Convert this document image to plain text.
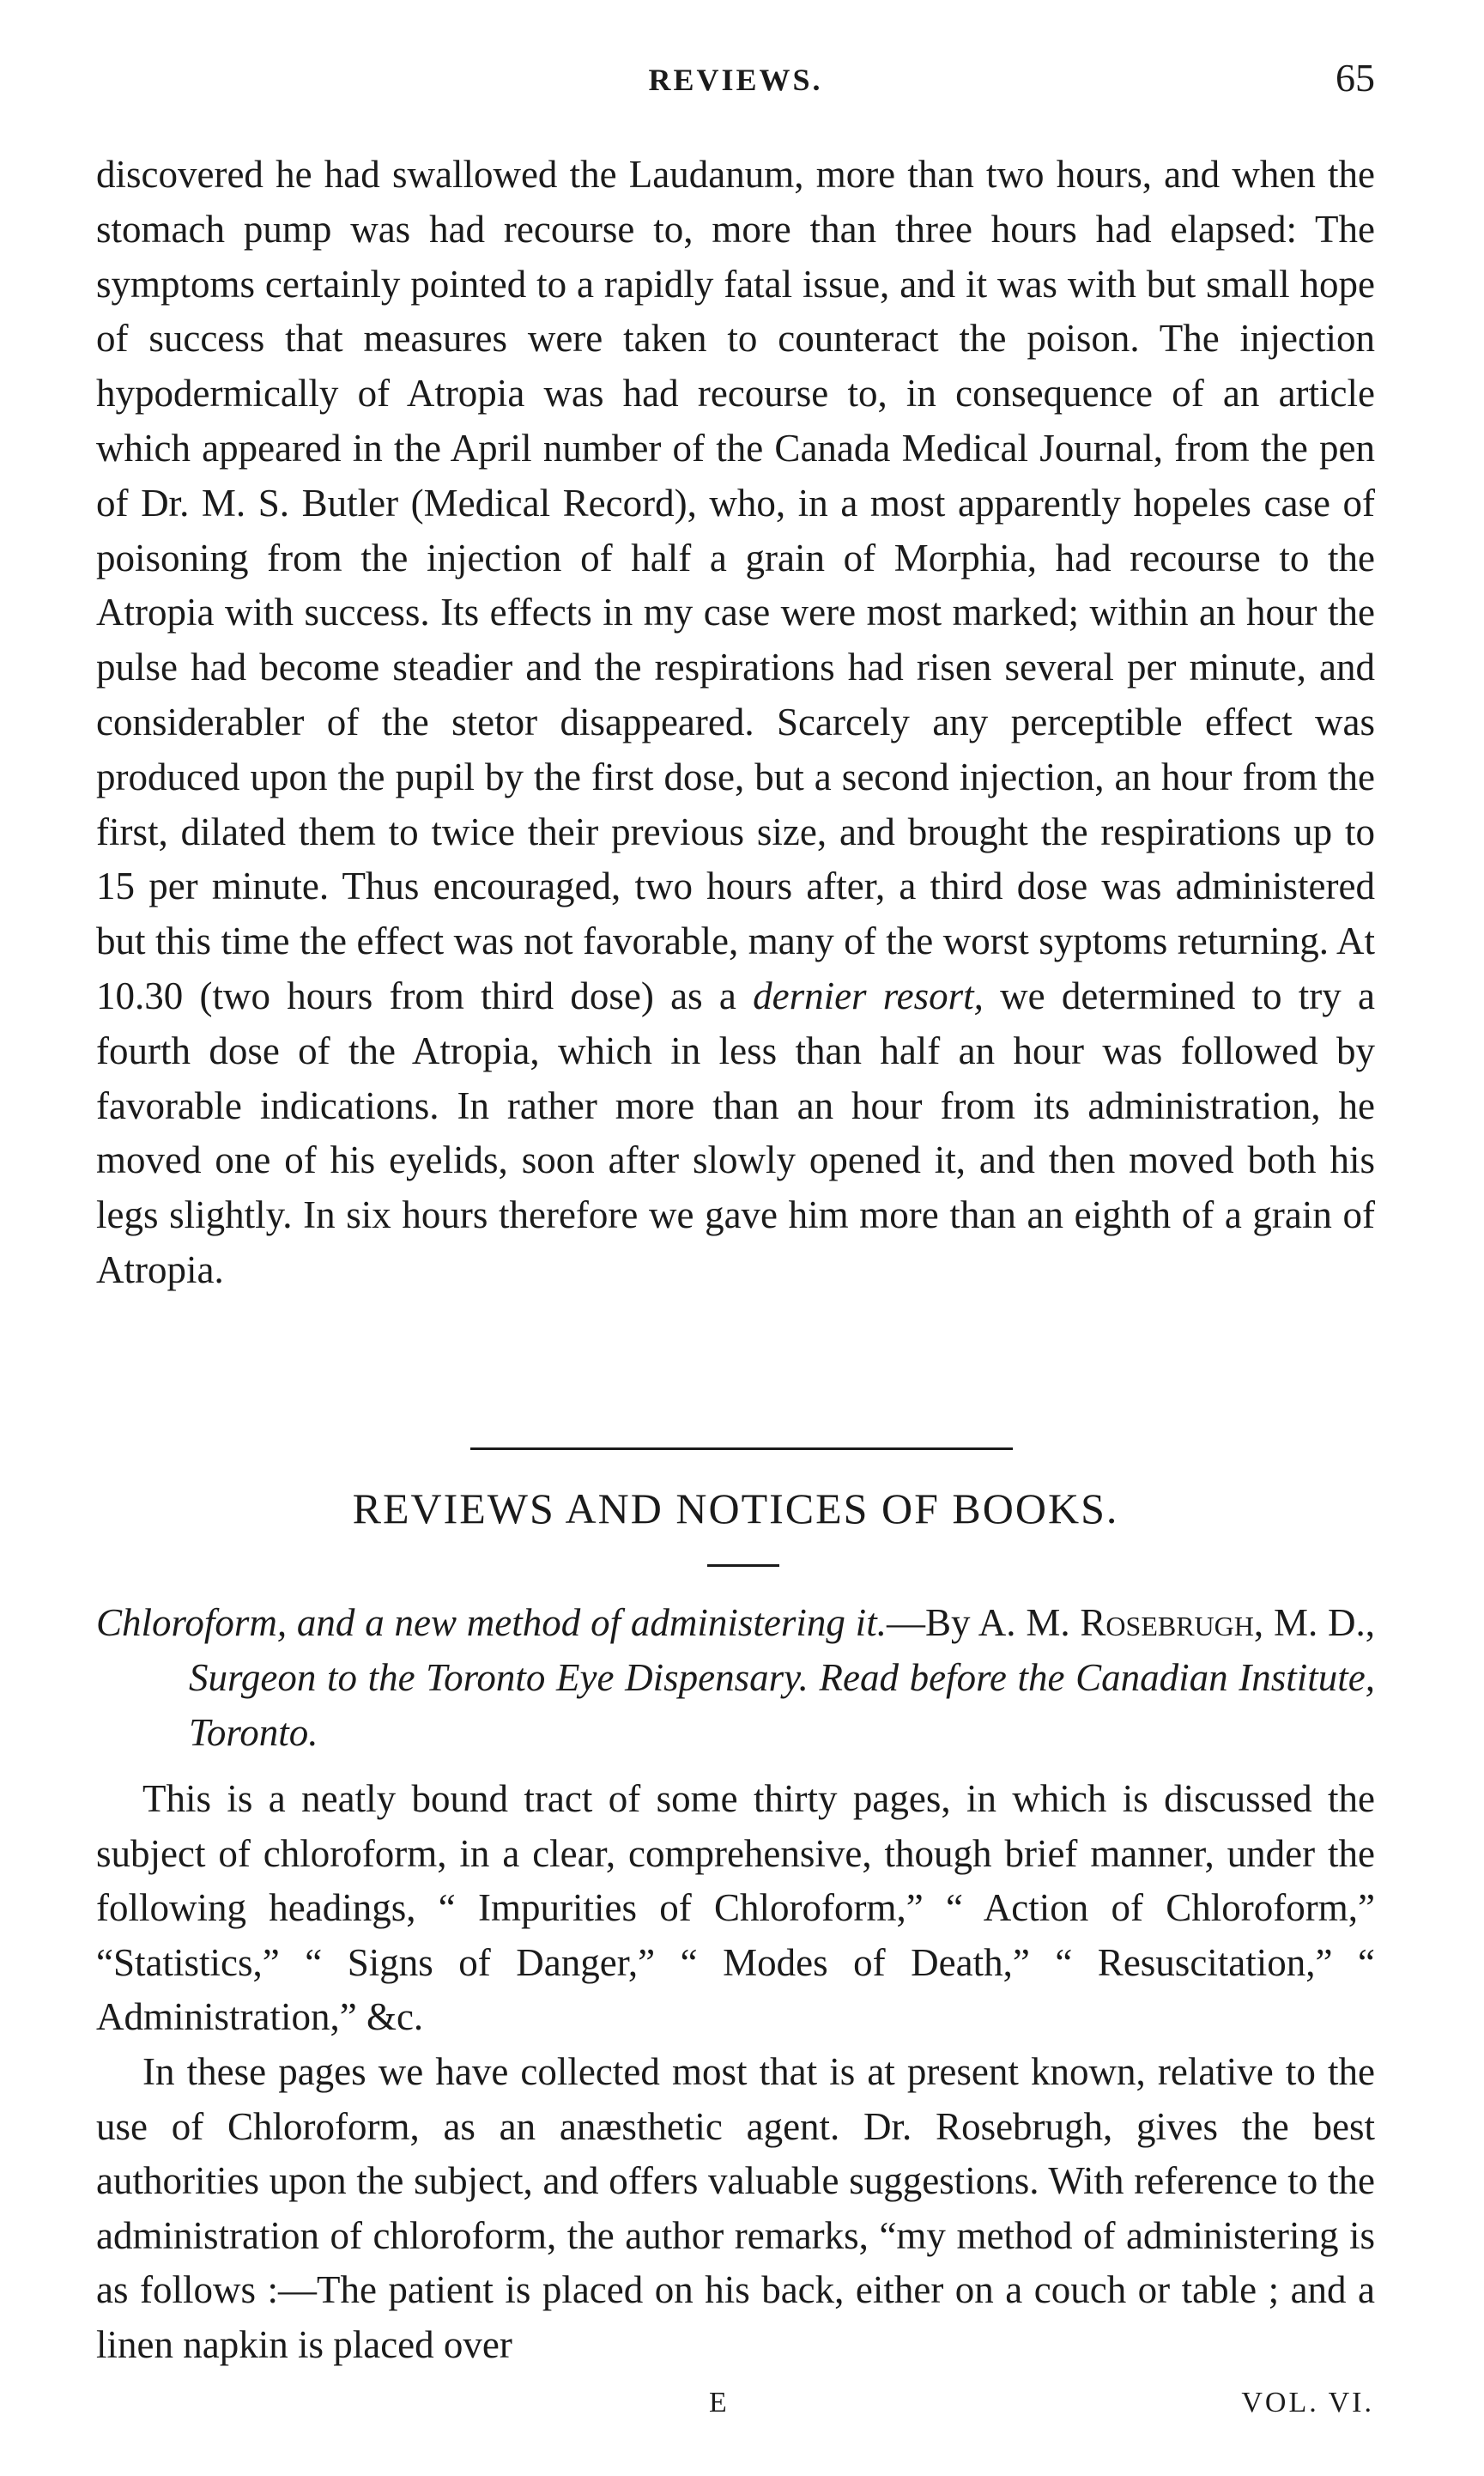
REVIEWS.	65

discovered he had swallowed the Laudanum, more than two hours, and when the stomach pump was had recourse to, more than three hours had elapsed: The symptoms certainly pointed to a rapidly fatal issue, and it was with but small hope of success that measures were taken to counteract the poison. The injection hypodermically of Atropia was had recourse to, in consequence of an article which appeared in the April number of the Canada Medical Journal, from the pen of Dr. M. S. Butler (Medical Record), who, in a most apparently hopeles case of poisoning from the injection of half a grain of Morphia, had recourse to the Atropia with success. Its effects in my case were most marked; within an hour the pulse had become steadier and the respirations had risen several per minute, and considerabler of the stetor disappeared. Scarcely any perceptible effect was produced upon the pupil by the first dose, but a second injection, an hour from the first, dilated them to twice their previous size, and brought the respirations up to 15 per minute. Thus encouraged, two hours after, a third dose was administered but this time the effect was not favorable, many of the worst syptoms returning. At 10.30 (two hours from third dose) as a dernier resort, we determined to try a fourth dose of the Atropia, which in less than half an hour was followed by favorable indications. In rather more than an hour from its administration, he moved one of his eyelids, soon after slowly opened it, and then moved both his legs slightly. In six hours therefore we gave him more than an eighth of a grain of Atropia.

REVIEWS AND NOTICES OF BOOKS.
Chloroform, and a new method of administering it.—By A. M. Rosebrugh, M. D., Surgeon to the Toronto Eye Dispensary. Read before the Canadian Institute, Toronto.

This is a neatly bound tract of some thirty pages, in which is discussed the subject of chloroform, in a clear, comprehensive, though brief manner, under the following headings, “ Impurities of Chloroform,” “ Action of Chloroform,” “Statistics,” “ Signs of Danger,” “ Modes of Death,” “ Resuscitation,” “ Administration,” &c.

In these pages we have collected most that is at present known, relative to the use of Chloroform, as an anæsthetic agent. Dr. Rosebrugh, gives the best authorities upon the subject, and offers valuable suggestions. With reference to the administration of chloroform, the author remarks, “my method of administering is as follows :—The patient is placed on his back, either on a couch or table ; and a linen napkin is placed over

E	VOL. VI.
